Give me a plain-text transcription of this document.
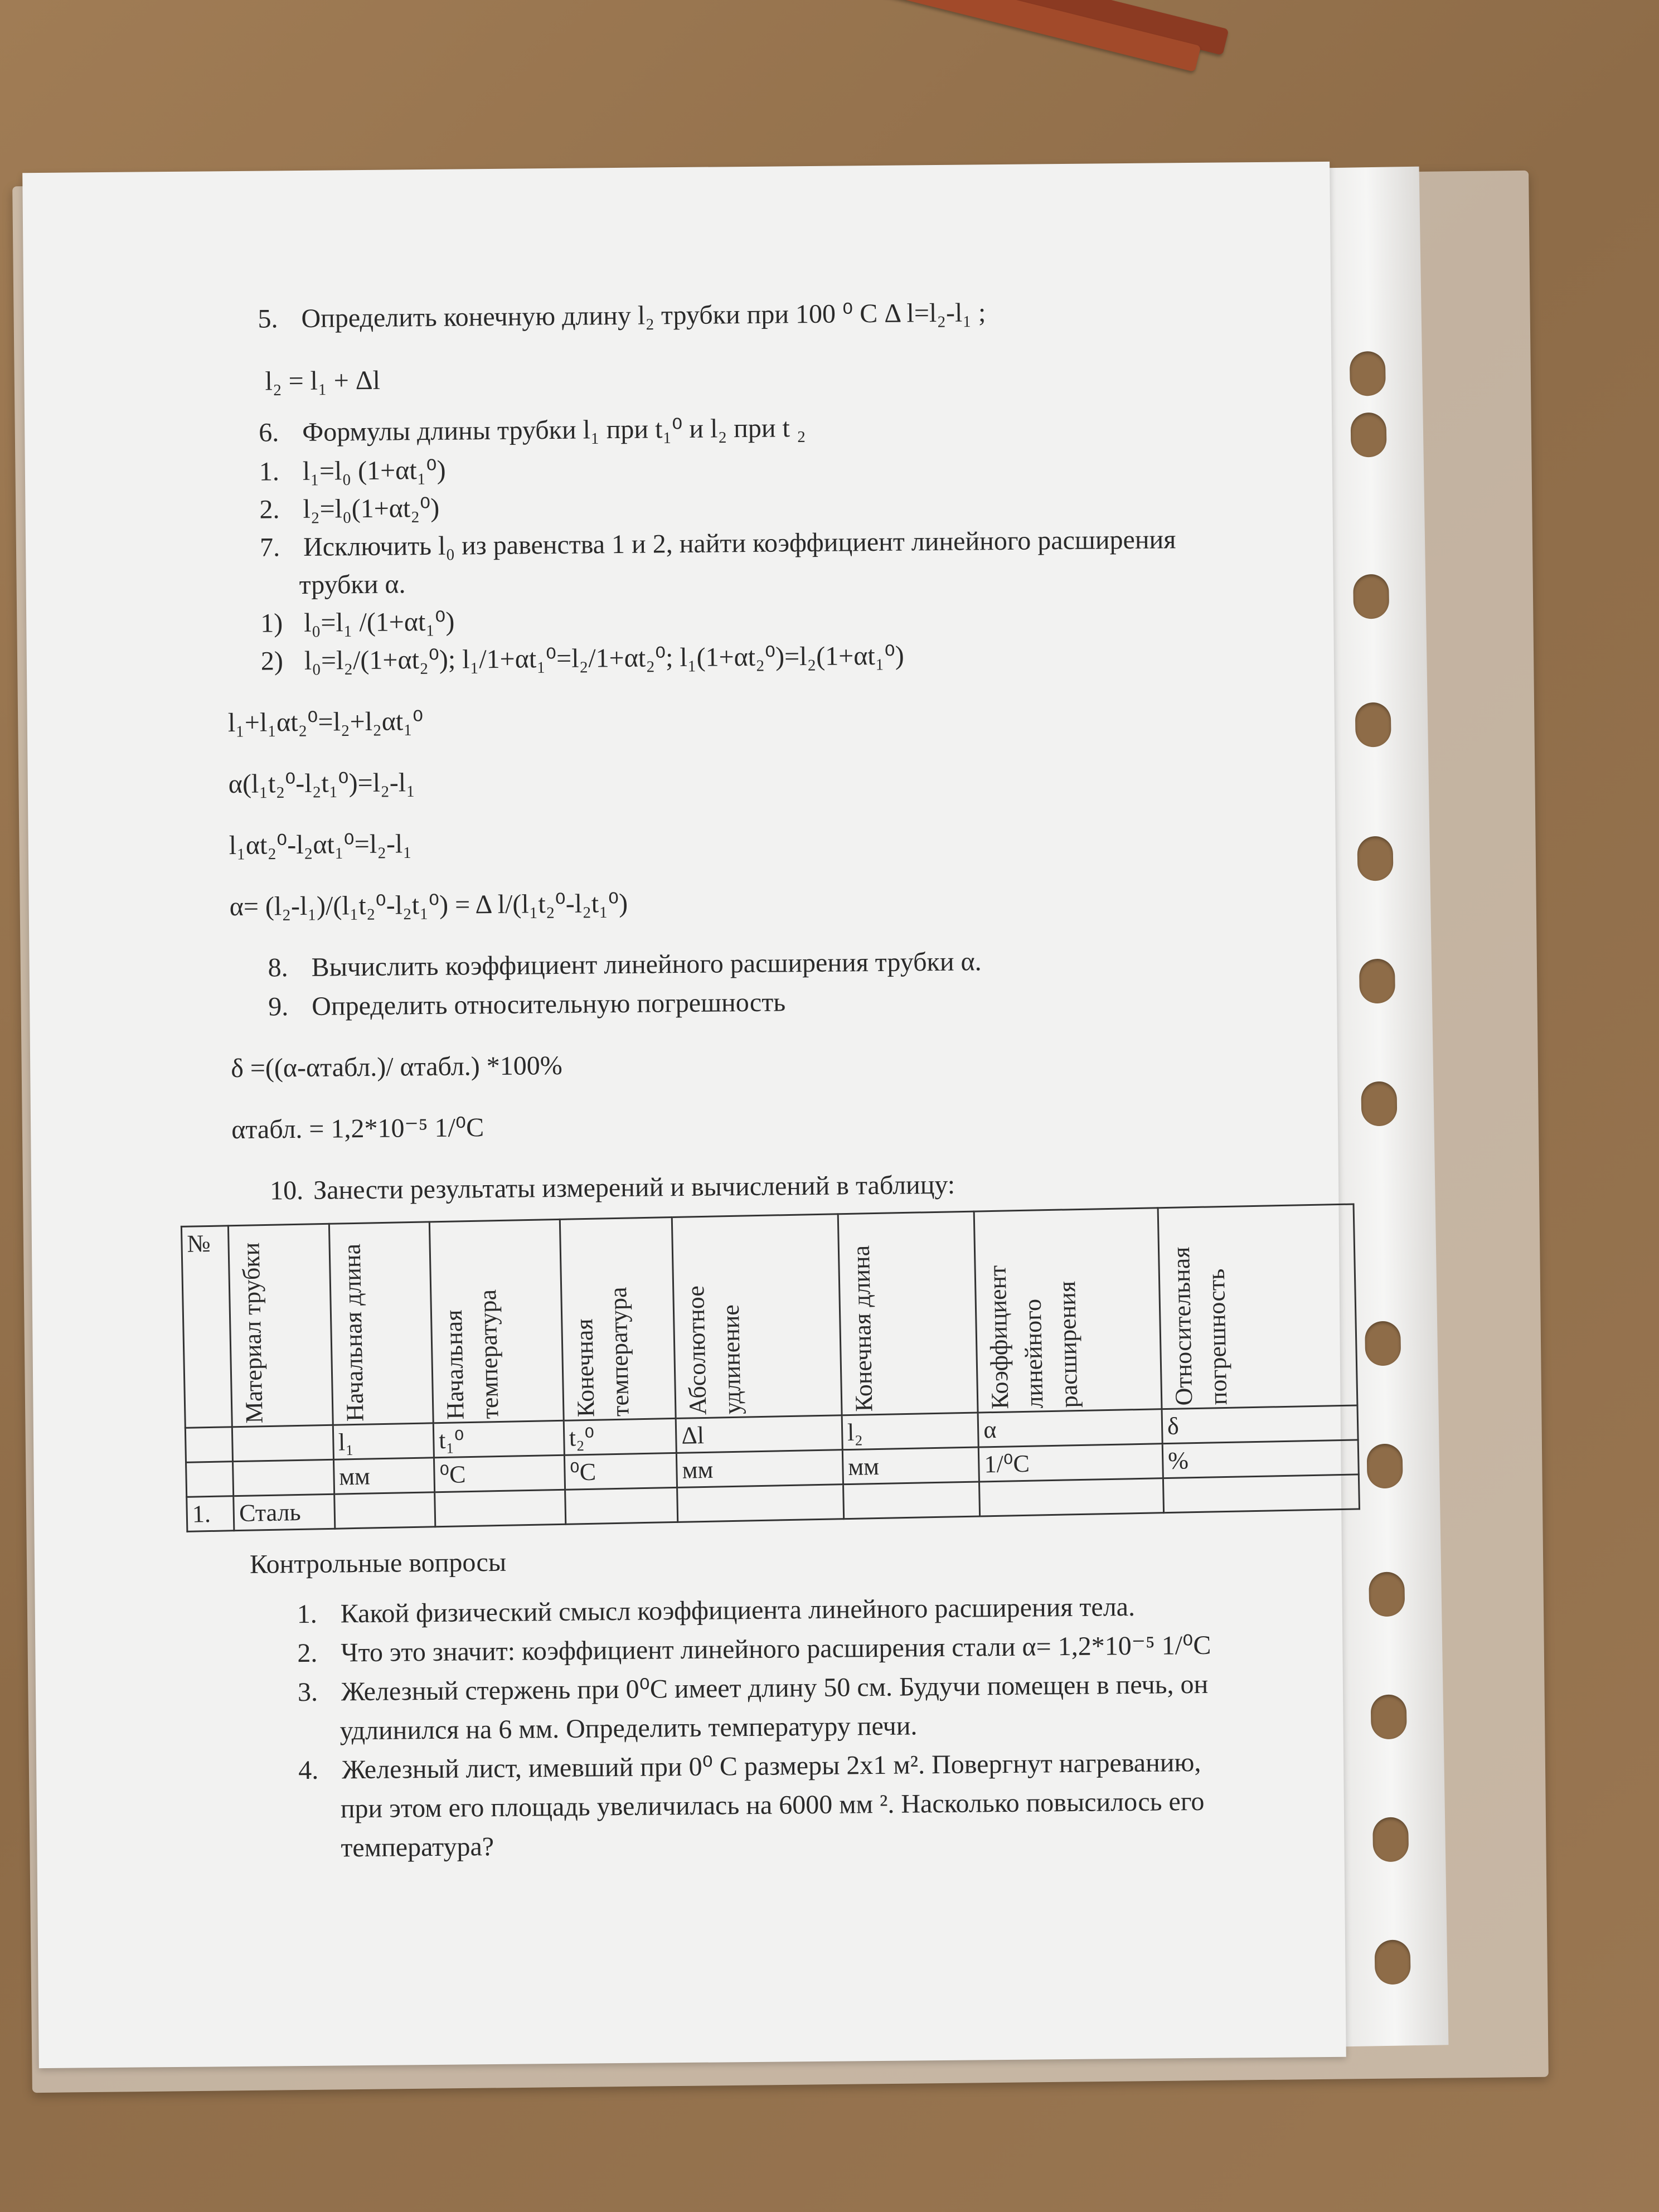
5. Определить конечную длину l₂ трубки при 100 ⁰ C Δ l=l₂-l₁ ;
l₂ = l₁ + Δl
6. Формулы длины трубки l₁ при t₁⁰ и l₂ при t ₂
1. l₁=l₀ (1+αt₁⁰)
2. l₂=l₀(1+αt₂⁰)
7. Исключить l₀ из равенства 1 и 2, найти коэффициент линейного расширения
трубки α.
1) l₀=l₁ /(1+αt₁⁰)
2) l₀=l₂/(1+αt₂⁰); l₁/1+αt₁⁰=l₂/1+αt₂⁰; l₁(1+αt₂⁰)=l₂(1+αt₁⁰)
l₁+l₁αt₂⁰=l₂+l₂αt₁⁰
α(l₁t₂⁰-l₂t₁⁰)=l₂-l₁
l₁αt₂⁰-l₂αt₁⁰=l₂-l₁
α= (l₂-l₁)/(l₁t₂⁰-l₂t₁⁰) = Δ l/(l₁t₂⁰-l₂t₁⁰)
8. Вычислить коэффициент линейного расширения трубки α.
9. Определить относительную погрешность
δ =((α-αтабл.)/ αтабл.) *100%
αтабл. = 1,2*10⁻⁵ 1/⁰C
10. Занести результаты измерений и вычислений в таблицу:
№	Материал трубки	Начальная длина	Начальная температура	Конечная температура	Абсолютное удлинение	Конечная длина	Коэффициент линейного расширения	Относительная погрешность

		l₁	t₁⁰	t₂⁰	Δl	l₂	α	δ
		мм	⁰C	⁰C	мм	мм	1/⁰C	%
1.	Сталь							
Контрольные вопросы
1. Какой физический смысл коэффициента линейного расширения тела.
2. Что это значит: коэффициент линейного расширения стали α= 1,2*10⁻⁵ 1/⁰C
3. Железный стержень при 0⁰C имеет длину 50 см. Будучи помещен в печь, он
удлинился на 6 мм. Определить температуру печи.
4. Железный лист, имевший при 0⁰ C размеры 2x1 м². Повергнут нагреванию,
при этом его площадь увеличилась на 6000 мм ². Насколько повысилось его
температура?
